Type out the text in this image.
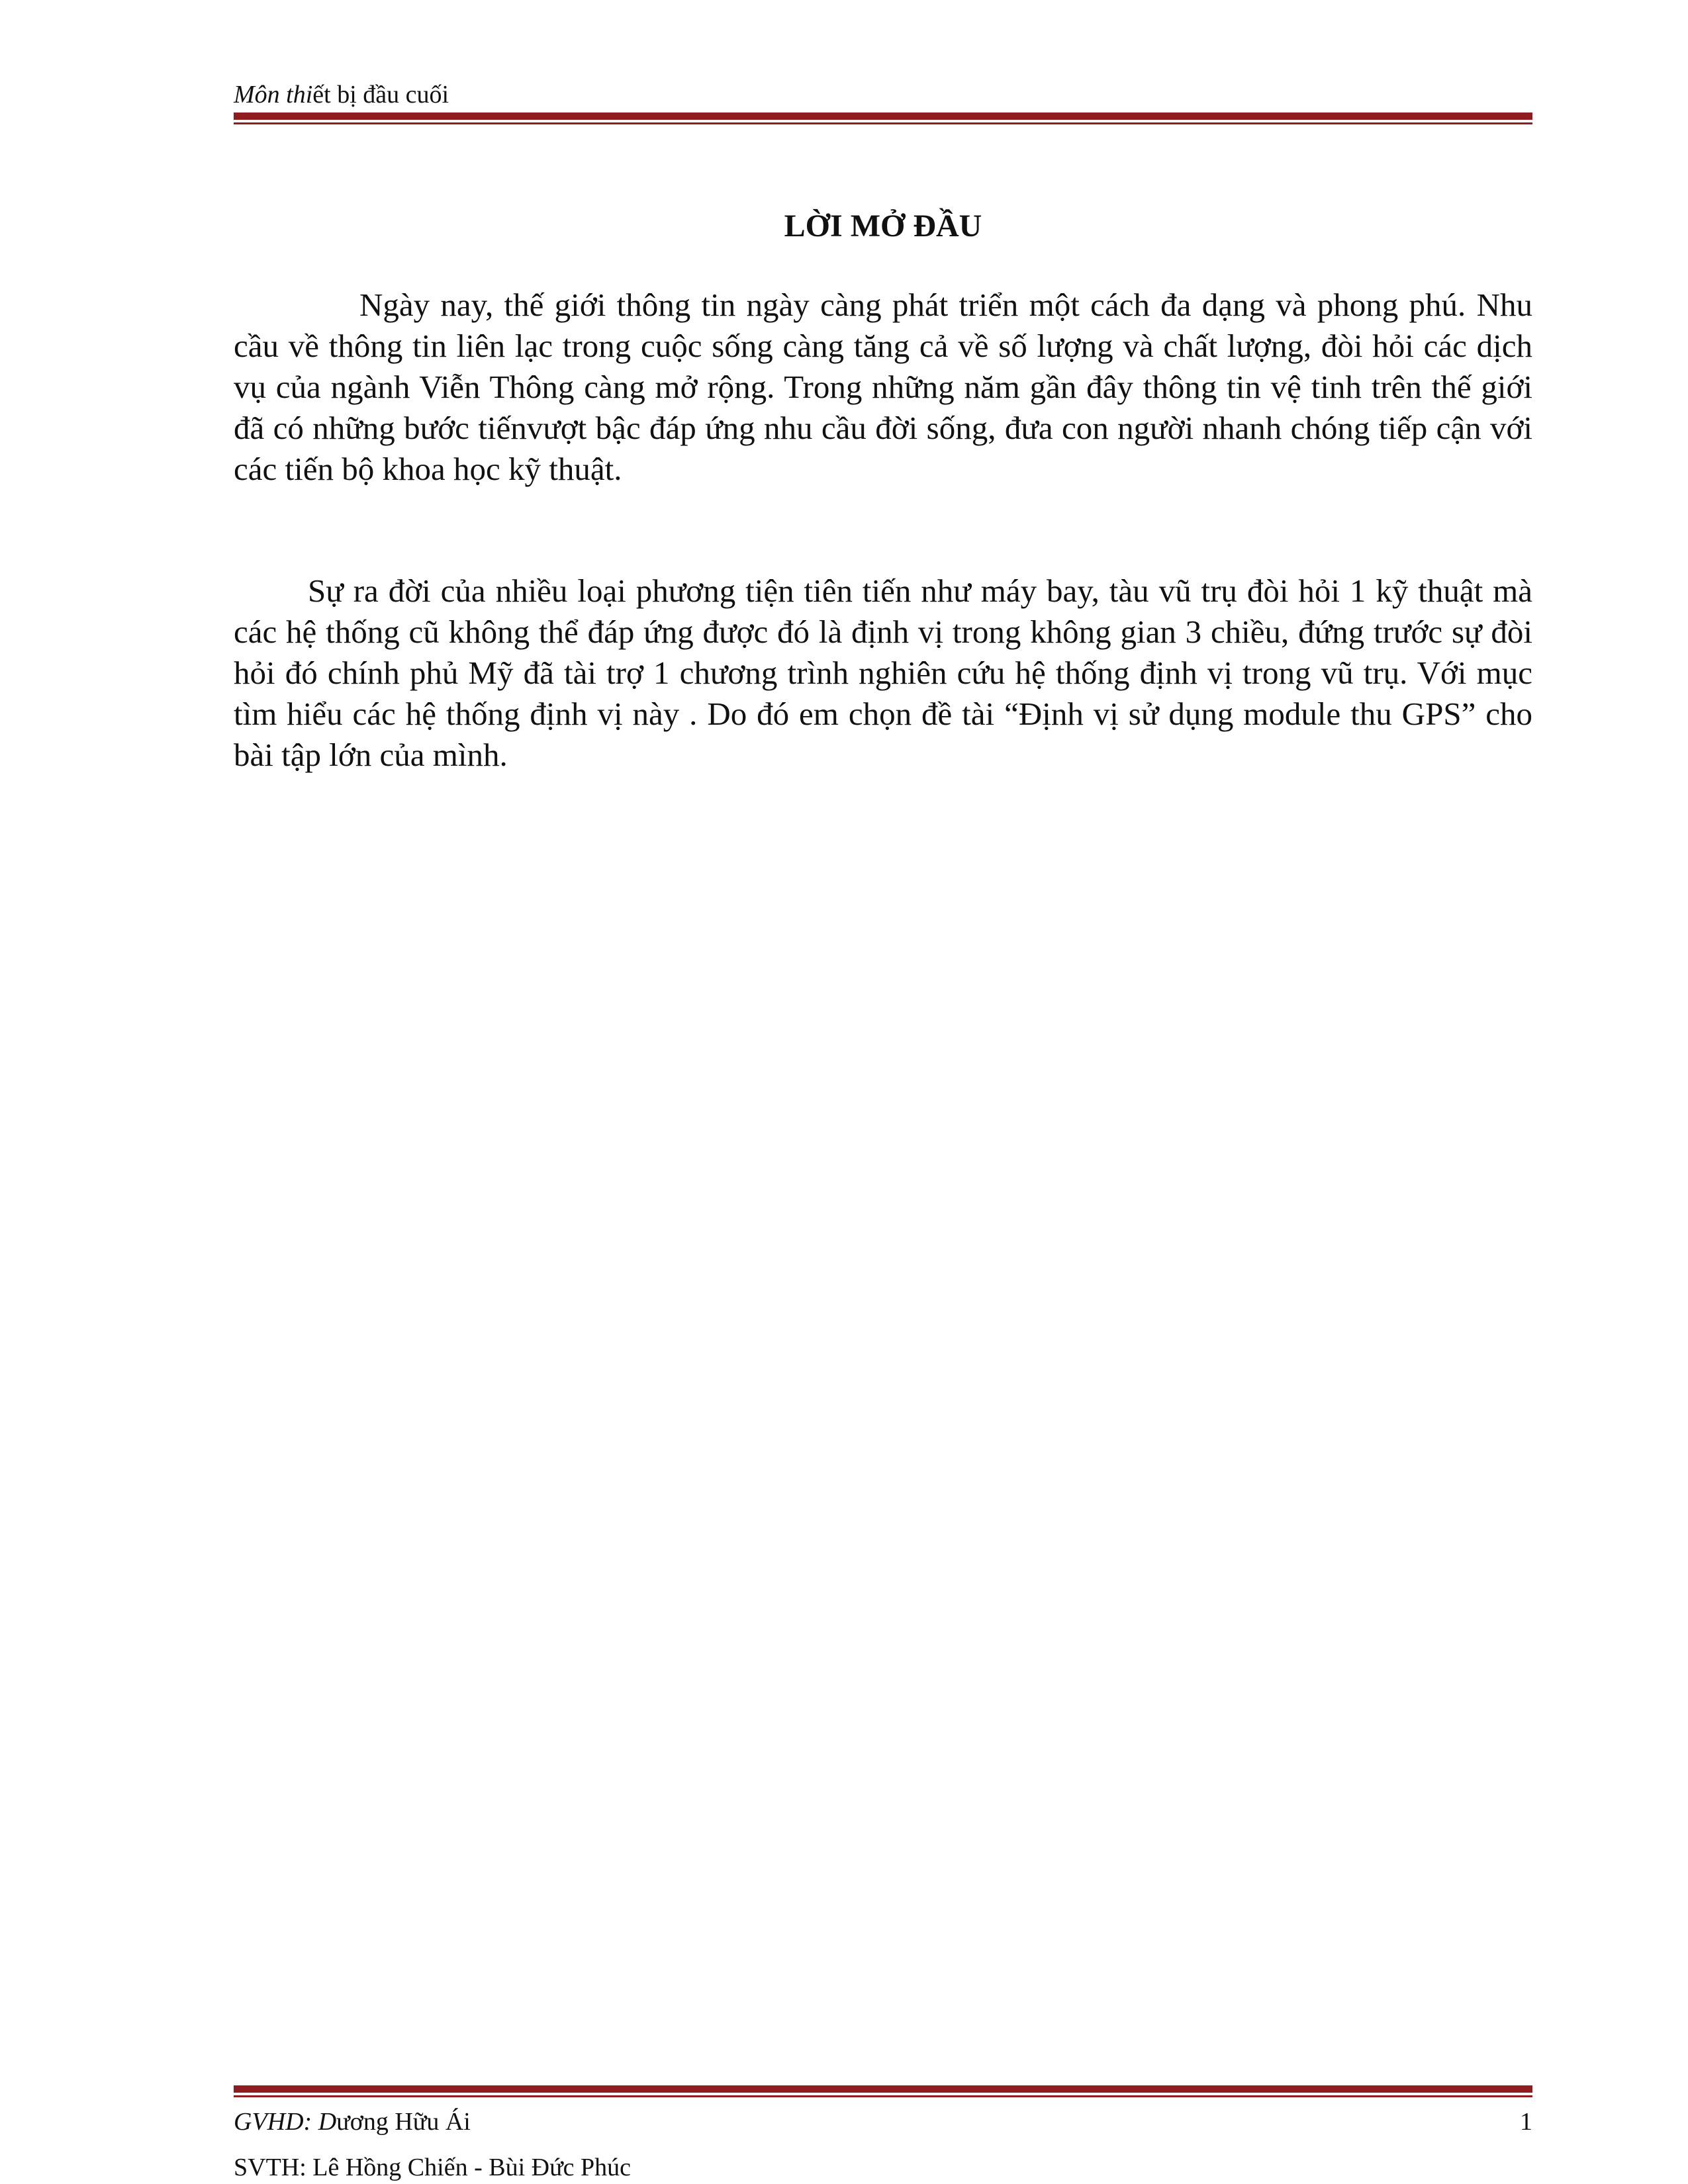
Môn thiết bị đầu cuối
LỜI MỞ ĐẦU

Ngày nay, thế giới thông tin ngày càng phát triển một cách đa dạng và phong phú. Nhu cầu về thông tin liên lạc trong cuộc sống càng tăng cả về số lượng và chất lượng, đòi hỏi các dịch vụ của ngành Viễn Thông càng mở rộng. Trong những năm gần đây thông tin vệ tinh trên thế giới đã có những bước tiếnvượt bậc đáp ứng nhu cầu đời sống, đưa con người nhanh chóng tiếp cận với các tiến bộ khoa học kỹ thuật.

Sự ra đời của nhiều loại phương tiện tiên tiến như máy bay, tàu vũ trụ đòi hỏi 1 kỹ thuật mà các hệ thống cũ không thể đáp ứng được đó là định vị trong không gian 3 chiều, đứng trước sự đòi hỏi đó chính phủ Mỹ đã tài trợ 1 chương trình nghiên cứu hệ thống định vị trong vũ trụ. Với mục tìm hiểu các hệ thống định vị này . Do đó em chọn đề tài “Định vị sử dụng module thu GPS” cho bài tập lớn của mình.

GVHD: Dương Hữu Ái	1
SVTH: Lê Hồng Chiến - Bùi Đức Phúc
